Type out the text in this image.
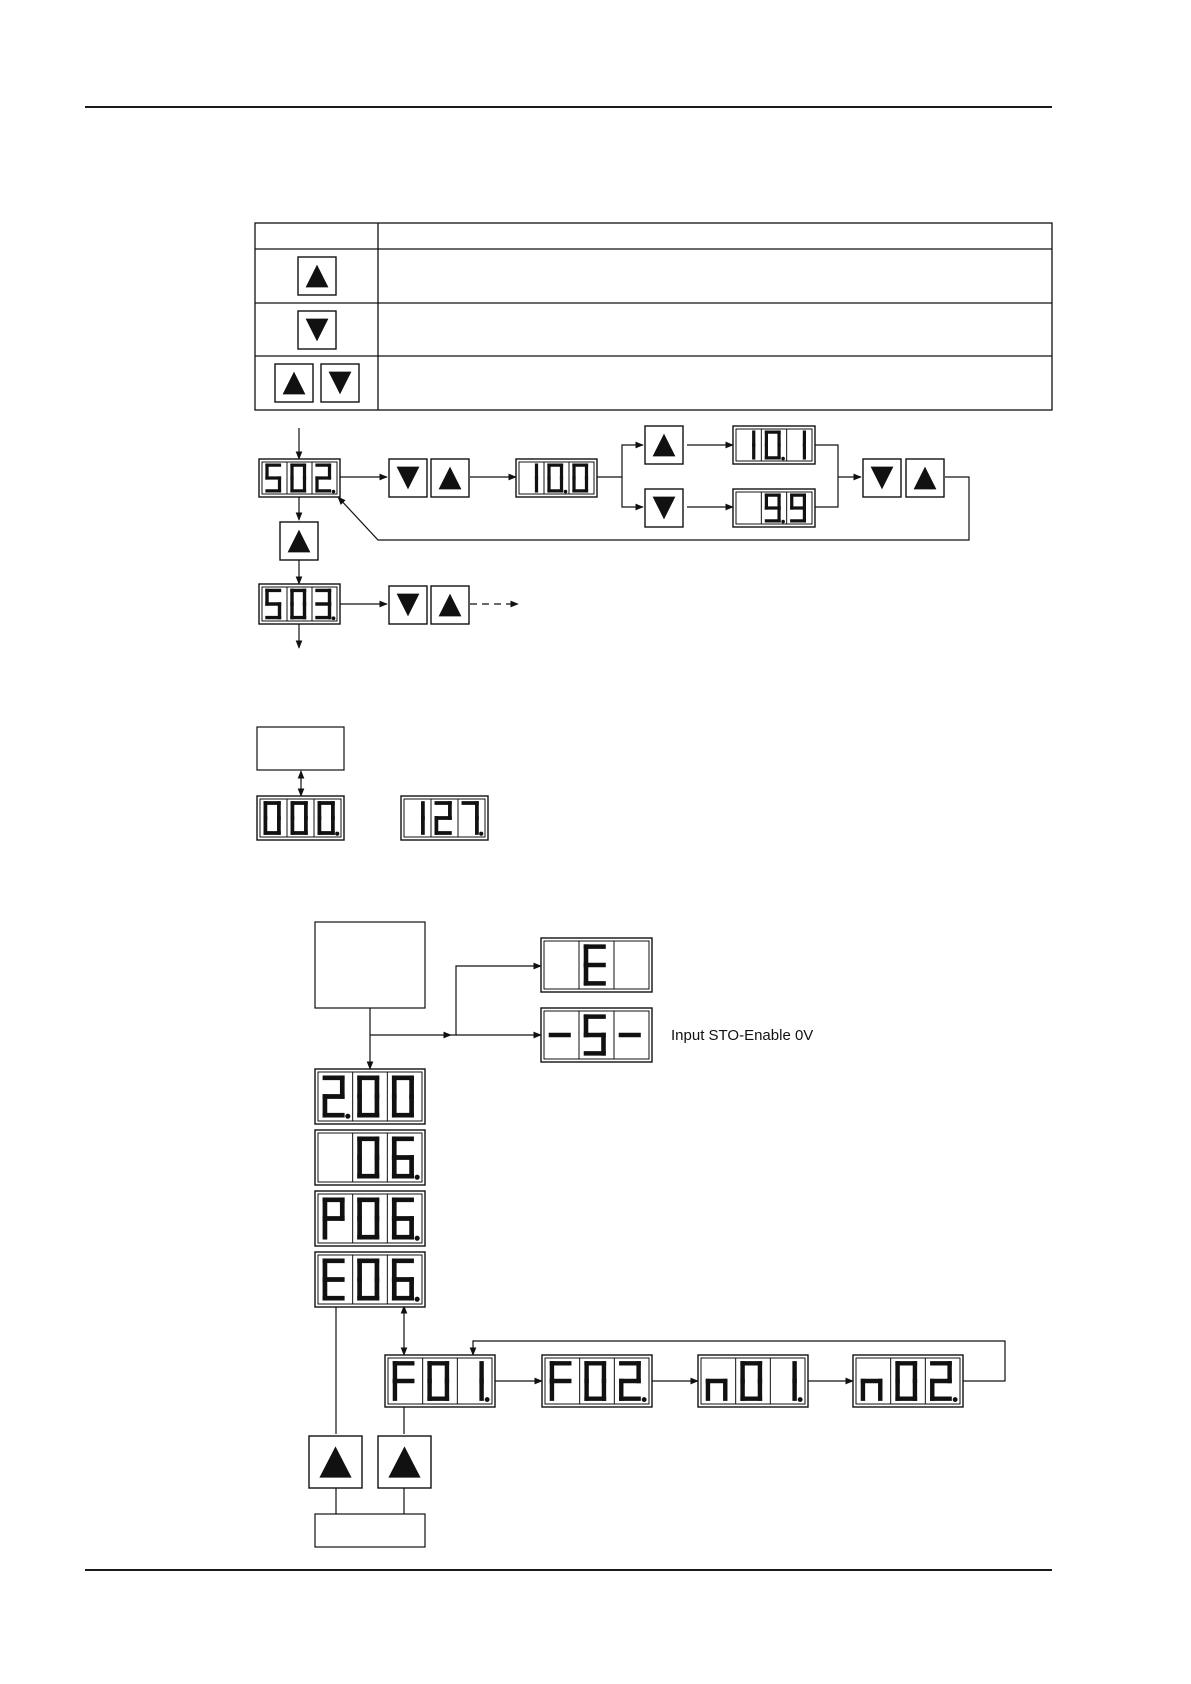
Input STO-Enable 0V
